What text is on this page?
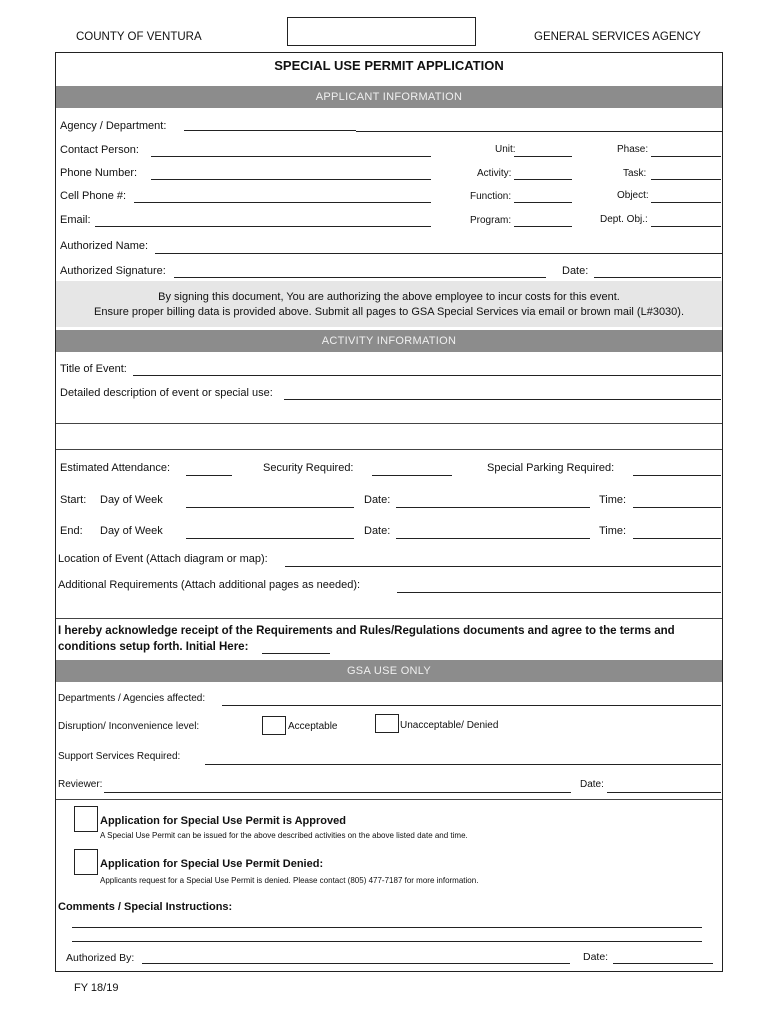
COUNTY OF VENTURA	GENERAL SERVICES AGENCY
SPECIAL USE PERMIT APPLICATION
APPLICANT INFORMATION
Agency / Department:
Contact Person:	Unit:	Phase:
Phone Number:	Activity:	Task:
Cell Phone #:	Function:	Object:
Email:	Program:	Dept. Obj.:
Authorized Name:
Authorized Signature:	Date:
By signing this document, You are authorizing the above employee to incur costs for this event.
Ensure proper billing data is provided above. Submit all pages to GSA Special Services via email or brown mail (L#3030).
ACTIVITY INFORMATION
Title of Event:
Detailed description of event or special use:
Estimated Attendance:	Security Required:	Special Parking Required:
Start: Day of Week	Date:	Time:
End: Day of Week	Date:	Time:
Location of Event (Attach diagram or map):
Additional Requirements (Attach additional pages as needed):
I hereby acknowledge receipt of the Requirements and Rules/Regulations documents and agree to the terms and
conditions setup forth. Initial Here:
GSA USE ONLY
Departments / Agencies affected:
Disruption/ Inconvenience level:	Acceptable	Unacceptable/ Denied
Support Services Required:
Reviewer:	Date:
Application for Special Use Permit is Approved
A Special Use Permit can be issued for the above described activities on the above listed date and time.
Application for Special Use Permit Denied:
Applicants request for a Special Use Permit is denied. Please contact (805) 477-7187 for more information.
Comments / Special Instructions:
Authorized By:	Date:
FY 18/19
